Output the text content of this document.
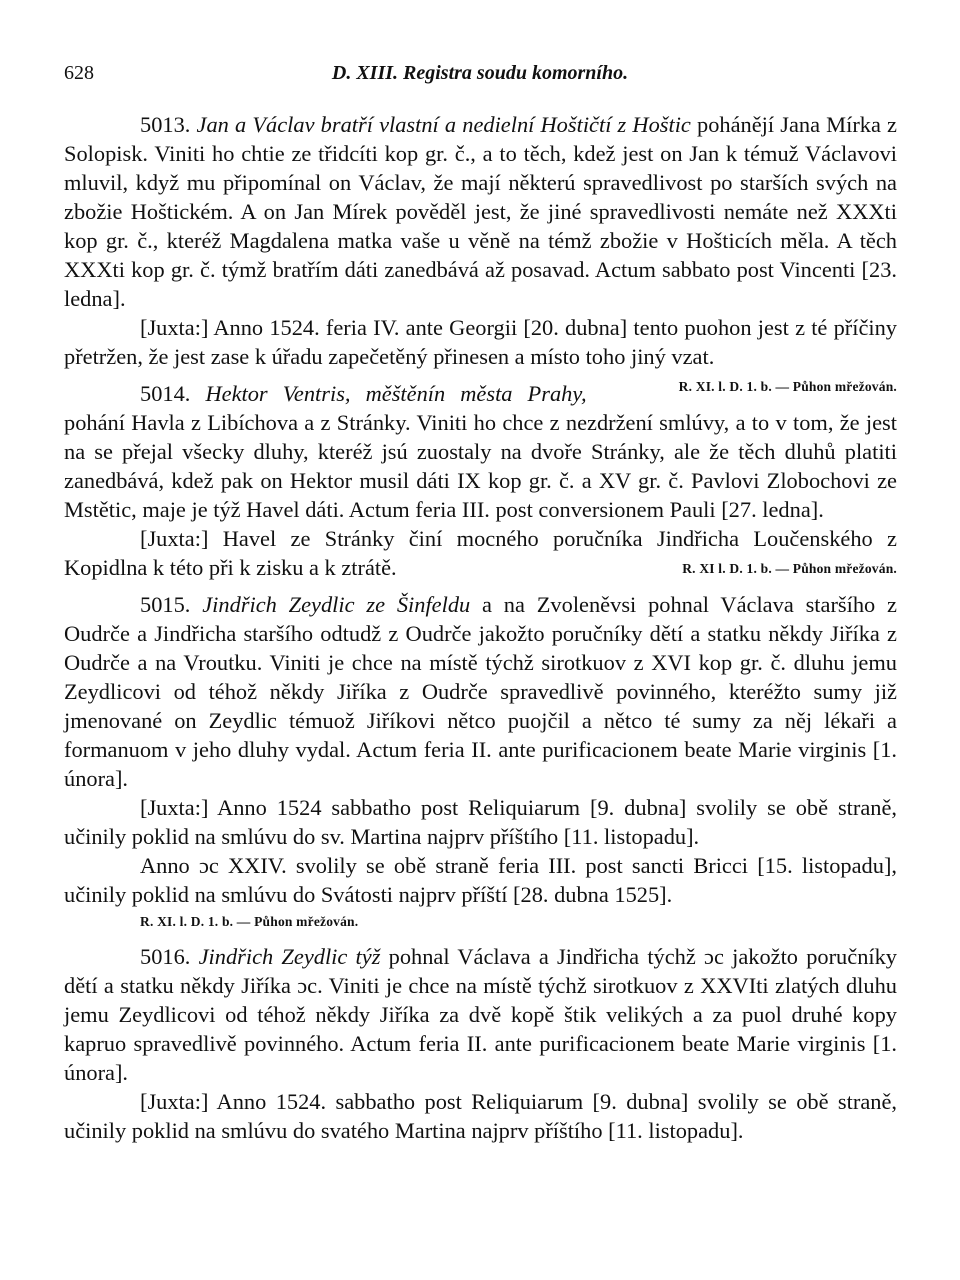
628	D. XIII. Registra soudu komorního.

5013. Jan a Václav bratří vlastní a nedielní Hoštičtí z Hoštic pohánějí Jana Mírka z Solopisk. Viniti ho chtie ze třidcíti kop gr. č., a to těch, kdež jest on Jan k témuž Václavovi mluvil, když mu připomínal on Václav, že mají některú spravedlivost po starších svých na zbožie Hoštickém. A on Jan Mírek pověděl jest, že jiné spravedlivosti nemáte než XXXti kop gr. č., kteréž Magdalena matka vaše u věně na témž zbožie v Hošticích měla. A těch XXXti kop gr. č. týmž bratřím dáti zanedbává až posavad. Actum sabbato post Vincenti [23. ledna].

[Juxta:] Anno 1524. feria IV. ante Georgii [20. dubna] tento puohon jest z té příčiny přetržen, že jest zase k úřadu zapečetěný přinesen a místo toho jiný vzat.
R. XI. l. D. 1. b. — Půhon mřežován.

5014. Hektor Ventris, měštěnín města Prahy, pohání Havla z Libíchova a z Stránky. Viniti ho chce z nezdržení smlúvy, a to v tom, že jest na se přejal všecky dluhy, kteréž jsú zuostaly na dvoře Stránky, ale že těch dluhů platiti zanedbává, kdež pak on Hektor musil dáti IX kop gr. č. a XV gr. č. Pavlovi Zlobochovi ze Mstětic, maje je týž Havel dáti. Actum feria III. post conversionem Pauli [27. ledna].

[Juxta:] Havel ze Stránky činí mocného poručníka Jindřicha Loučenského z Kopidlna k této při k zisku a k ztrátě.	R. XI l. D. 1. b. — Půhon mřežován.

5015. Jindřich Zeydlic ze Šinfeldu a na Zvoleněvsi pohnal Václava staršího z Oudrče a Jindřicha staršího odtudž z Oudrče jakožto poručníky dětí a statku někdy Jiříka z Oudrče a na Vroutku. Viniti je chce na místě týchž sirotkuov z XVI kop gr. č. dluhu jemu Zeydlicovi od téhož někdy Jiříka z Oudrče spravedlivě povinného, kteréžto sumy již jmenované on Zeydlic témuož Jiříkovi nětco puojčil a nětco té sumy za něj lékaři a formanuom v jeho dluhy vydal. Actum feria II. ante purificacionem beate Marie virginis [1. února].

[Juxta:] Anno 1524 sabbatho post Reliquiarum [9. dubna] svolily se obě straně, učinily poklid na smlúvu do sv. Martina najprv příštího [11. listopadu].

Anno ɔc XXIV. svolily se obě straně feria III. post sancti Bricci [15. listopadu], učinily poklid na smlúvu do Svátosti najprv příští [28. dubna 1525].

R. XI. l. D. 1. b. — Půhon mřežován.

5016. Jindřich Zeydlic týž pohnal Václava a Jindřicha týchž ɔc jakožto poručníky dětí a statku někdy Jiříka ɔc. Viniti je chce na místě týchž sirotkuov z XXVIti zlatých dluhu jemu Zeydlicovi od téhož někdy Jiříka za dvě kopě štik velikých a za puol druhé kopy kapruo spravedlivě povinného. Actum feria II. ante purificacionem beate Marie virginis [1. února].

[Juxta:] Anno 1524. sabbatho post Reliquiarum [9. dubna] svolily se obě straně, učinily poklid na smlúvu do svatého Martina najprv příštího [11. listopadu].
